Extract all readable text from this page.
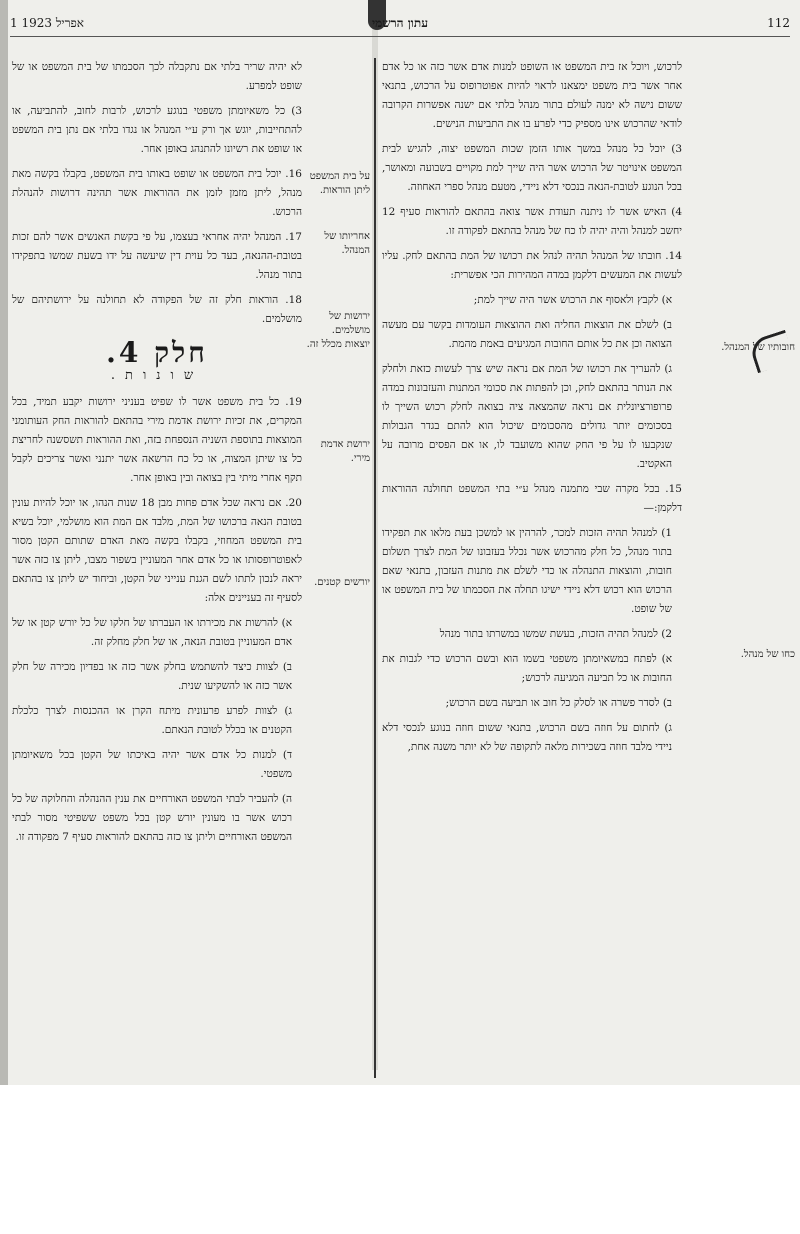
1 אפריל 1923	עתון הרשמי	112

לרכוש, ויוכל אז בית המשפט או השופט למנות אדם אשר כזה או כל אדם אחר אשר בית משפט ימצאנו לראוי להיות אפוטרופוס על הרכוש, בתנאי ששום נישה לא ימנה לעולם בתור מנהל בלתי אם ישנה אפשרות הקרובה לודאי שהרכוש אינו מספיק כדי לפרע בו את התביעות הנישים.

3) יוכל כל מנהל במשך אותו הזמן שכות המשפט יצוה, להגיש לבית המשפט אינויטר של הרכוש אשר היה שייך למת מקויים בשבועה ומאושר, בכל הנוגע לטובת-הנאה בנכסי דלא ניידי, מטעם מנהל ספרי האחוזה.

4) האיש אשר לו ניתנה תעודת אשר צואה בהתאם להוראות סעיף 12 יחשב למנהל והיה יהיה לו כח של מנהל בהתאם לפקודה זו.

14. חובתו של המנהל תהיה לנהל את רכושו של המת בהתאם לחק. עליו לעשות את המעשים דלקמן במדה המהירות הכי אפשרית:

א) לקבץ ולאסוף את הרכוש אשר היה שייך למת;

ב) לשלם את הוצאות החליה ואת ההוצאות העומדות בקשר עם מעשה הצואה וכן את כל אותם החובות המגיעים באמת מהמת.

ג) להעריך את רכושו של המת אם נראה שיש צרך לעשות כזאת ולחלק את הנותר בהתאם לחק, וכן להפתות את סכומי המתנות והעזבונות במדה פרופורציונלית אם נראה שהמצאה ציה בצואה לחלק רכוש השייך לו בסכומים יותר גדולים מהסכומים שיכול הוא להתם בגדר הגבולות שנקבעו לו על פי החק שהוא משועבד לו, או אם הפסים מרובה על האקטיב.

15. בכל מקרה שבי מתמנה מנהל ע״י בתי המשפט תחולנה ההוראות דלקמן:—

1) למנהל תהיה הזכות למכר, להרהין או למשכן בעת מלאו את תפקידו בתור מנהל, כל חלק מהרכוש אשר נכלל בעזבונו של המת לצרך תשלום חובות, והוצאות התנהלה או כדי לשלם את מתנות העזבון, בתנאי שאם הרכוש הוא רכוש דלא ניידי ישיגו תחלה את הסכמתו של בית המשפט או של שופט.

2) למנהל תהיה הזכות, בעשת שמשו במשרתו בתור מנהל

א) לפתח במשאיומתן משפטי בשמו הוא ובשם הרכוש כדי לגבות את החובות או כל תביעה המגיעה לרכוש;

ב) לסדר פשרה או לסלק כל חוב או תביעה בשם הרכוש;

ג) לחתום על חוזה בשם הרכוש, בתנאי ששום חוזה בנוגע לנכסי דלא ניידי מלבד חוזה בשכירות מלאה לתקופה של לא יותר משנה אחת,

חובותיו של המנהל.
כחו של מנהל.

לא יהיה שריר בלתי אם נתקבלה לכך הסכמתו של בית המשפט או של שופט למפרע.

3) כל משאיומתן משפטי בנוגע לרכוש, לרבות לחוב, להתביעה, או להתחייבות, יוגש אך ורק ע״י המנהל או נגדו בלתי אם נתן בית המשפט או שופט את רשיונו להתנהג באופן אחר.

16. יוכל בית המשפט או שופט באותו בית המשפט, בקבלו בקשה מאת מנהל, ליתן מזמן לזמן את ההוראות אשר תהינה דרושות להנהלת הרכוש.

17. המנהל יהיה אחראי בעצמו, על פי בקשת האנשים אשר להם זכות בטובת-ההנאה, בעד כל עוית דין שיעשה על ידו בשעת שמשו בתפקידו בתור מנהל.

18. הוראות חלק זה של הפקודה לא תחולנה על ירושתיהם של מושלמים.

חלק 4.
שונות.

19. כל בית משפט אשר לו שפיט בעניני ירושות יקבע תמיד, בכל המקרים, את זכיות ירושת אדמת מירי בהתאם להוראות החק העותומני המוצאות בתוספת השניה הנספחת בזה, ואת ההוראות תשסשנה לחריצת כל צו שיתן המצוה, או כל כח הרשאה אשר יתנני ואשר צריכים לקבל תקף אחרי מיתי בין בצואה ובין באופן אחר.

20. אם נראה שכל אדם פחות מבן 18 שנות הנהו, או יוכל להיות עונין בטובת הנאה ברכושו של המת, מלבד אם המת הוא מושלמי, יוכל בשיא בית המשפט המחוזי, בקבלו בקשה מאת האדם שתותם הקטן מסור לאפוטרופסותו או כל אדם אחר המעוניין בשפור מצבו, ליתן צו כזה אשר יראה לנכון לתתו לשם הגנת ענייני של הקטן, וביחוד יש ליתן צו בהתאם לסעיף זה בעניינים אלה:

א) להרשות את מכירתו או העברתו של חלקו של כל יורש קטן או של אדם המעוניין בטובת הנאה, או של חלק מחלק זה.

ב) לצוות כיצד להשתמש בחלק אשר כזה או בפדיון מכירה של חלק אשר כזה או להשקיעו שנית.

ג) לצוות לפרע פרעונית מיתח הקרן או ההכנסות לצרך כלכלת הקטנים או בכלל לטובת הנאתם.

ד) למנות כל אדם אשר יהיה באיכתו של הקטן בכל משאיומתן משפטי.

ה) להעביר לבתי המשפט האורחיים את ענין ההנהלה והחלוקה של כל רכוש אשר בו מעונין יורש קטן בכל משפט ששפיטי מסור לבתי המשפט האורחיים וליתן צו כזה בהתאם להוראות סעיף 7 מפקודה זו.

על בית המשפט ליתן הוראות.
אחריותו של המנהל.
ירושות של מושלמים. יוצאות מכלל זה.
ירושת אדמת מירי.
יורשים קטנים.
